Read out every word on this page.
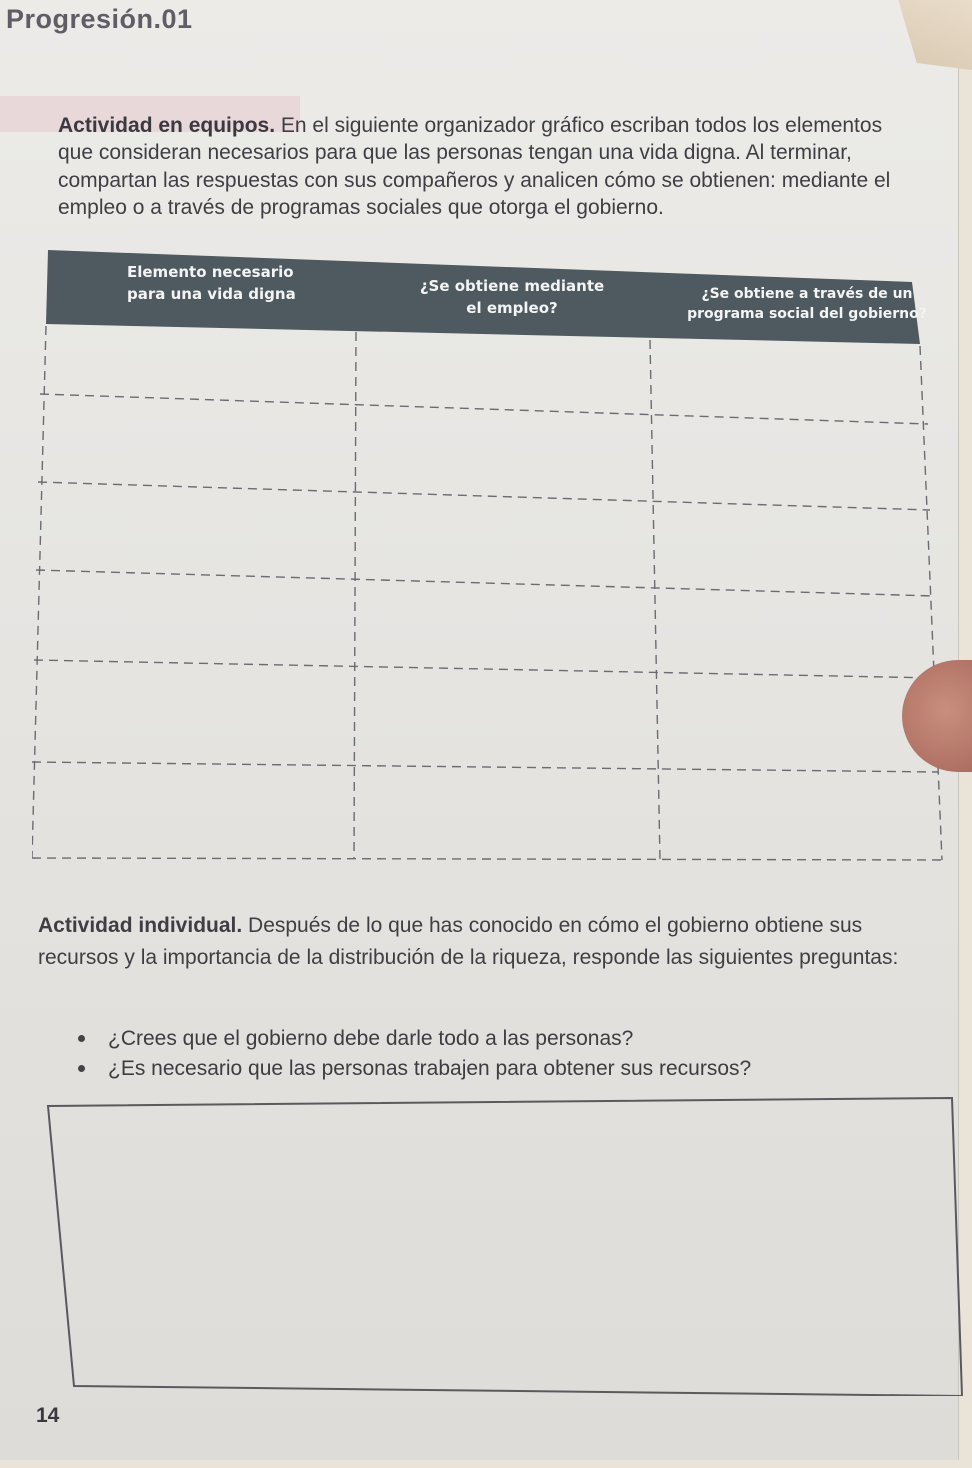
Progresión.01
Actividad en equipos. En el siguiente organizador gráfico escriban todos los elementos que consideran necesarios para que las personas tengan una vida digna. Al terminar, compartan las respuestas con sus compañeros y analicen cómo se obtienen: mediante el empleo o a través de programas sociales que otorga el gobierno.
Elemento necesario
para una vida digna	¿Se obtiene mediante
el empleo?
¿Se obtiene a través de un
programa social del gobierno?
Actividad individual. Después de lo que has conocido en cómo el gobierno obtiene sus recursos y la importancia de la distribución de la riqueza, responde las siguientes preguntas:
¿Crees que el gobierno debe darle todo a las personas?
¿Es necesario que las personas trabajen para obtener sus recursos?
14
